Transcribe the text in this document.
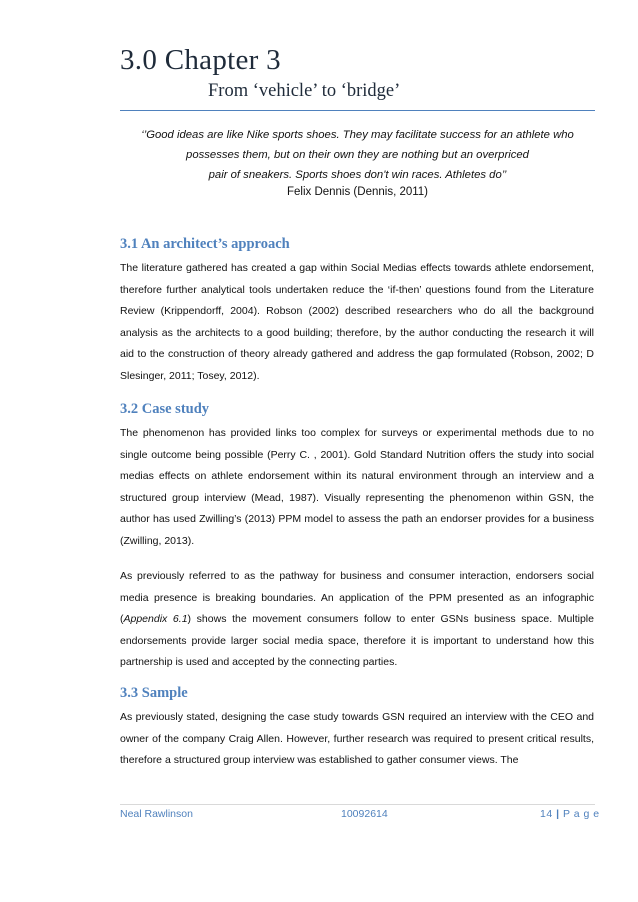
3.0 Chapter 3
From ‘vehicle’ to ‘bridge’
‘’Good ideas are like Nike sports shoes. They may facilitate success for an athlete who
possesses them, but on their own they are nothing but an overpriced
pair of sneakers. Sports shoes don't win races. Athletes do’’
Felix Dennis (Dennis, 2011)
3.1 An architect’s approach
The literature gathered has created a gap within Social Medias effects towards athlete endorsement, therefore further analytical tools undertaken reduce the ‘if-then’ questions found from the Literature Review (Krippendorff, 2004). Robson (2002) described researchers who do all the background analysis as the architects to a good building; therefore, by the author conducting the research it will aid to the construction of theory already gathered and address the gap formulated (Robson, 2002; D Slesinger, 2011; Tosey, 2012).
3.2 Case study
The phenomenon has provided links too complex for surveys or experimental methods due to no single outcome being possible (Perry C. , 2001). Gold Standard Nutrition offers the study into social medias effects on athlete endorsement within its natural environment through an interview and a structured group interview (Mead, 1987). Visually representing the phenomenon within GSN, the author has used Zwilling’s (2013) PPM model to assess the path an endorser provides for a business (Zwilling, 2013).
As previously referred to as the pathway for business and consumer interaction, endorsers social media presence is breaking boundaries. An application of the PPM presented as an infographic (Appendix 6.1) shows the movement consumers follow to enter GSNs business space. Multiple endorsements provide larger social media space, therefore it is important to understand how this partnership is used and accepted by the connecting parties.
3.3 Sample
As previously stated, designing the case study towards GSN required an interview with the CEO and owner of the company Craig Allen. However, further research was required to present critical results, therefore a structured group interview was established to gather consumer views. The
Neal Rawlinson	10092614	14 | P a g e
